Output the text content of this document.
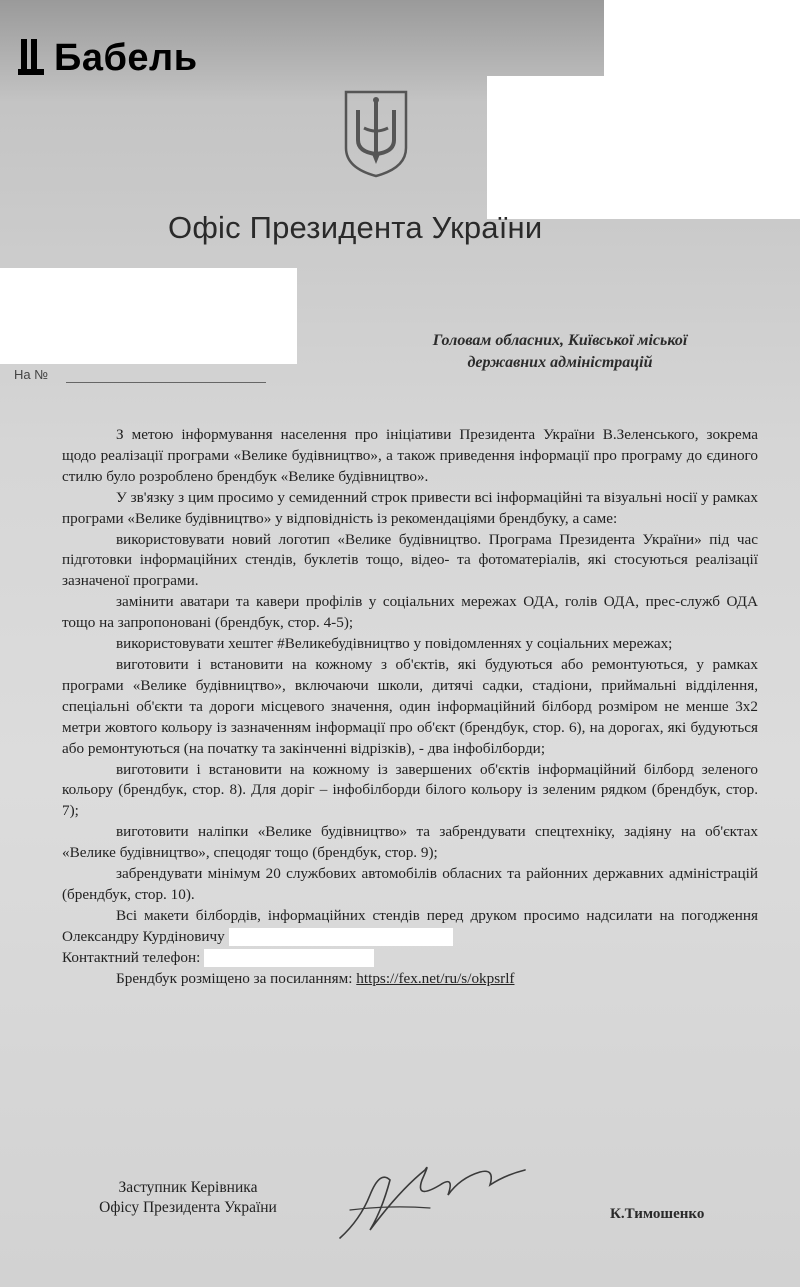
Бабель
Офіс Президента України
На №
Головам обласних, Київської міської
державних адміністрацій

З метою інформування населення про ініціативи Президента України В.Зеленського, зокрема щодо реалізації програми «Велике будівництво», а також приведення інформації про програму до єдиного стилю було розроблено брендбук «Велике будівництво».

У зв'язку з цим просимо у семиденний строк привести всі інформаційні та візуальні носії у рамках програми «Велике будівництво» у відповідність із рекомендаціями брендбуку, а саме:

використовувати новий логотип «Велике будівництво. Програма Президента України» під час підготовки інформаційних стендів, буклетів тощо, відео- та фотоматеріалів, які стосуються реалізації зазначеної програми.

замінити аватари та кавери профілів у соціальних мережах ОДА, голів ОДА, прес-служб ОДА тощо на запропоновані (брендбук, стор. 4-5);

використовувати хештег #Великебудівництво у повідомленнях у соціальних мережах;

виготовити і встановити на кожному з об'єктів, які будуються або ремонтуються, у рамках програми «Велике будівництво», включаючи школи, дитячі садки, стадіони, приймальні відділення, спеціальні об'єкти та дороги місцевого значення, один інформаційний білборд розміром не менше 3х2 метри жовтого кольору із зазначенням інформації про об'єкт (брендбук, стор. 6), на дорогах, які будуються або ремонтуються (на початку та закінченні відрізків), - два інфобілборди;

виготовити і встановити на кожному із завершених об'єктів інформаційний білборд зеленого кольору (брендбук, стор. 8). Для доріг – інфобілборди білого кольору із зеленим рядком (брендбук, стор. 7);

виготовити наліпки «Велике будівництво» та забрендувати спецтехніку, задіяну на об'єктах «Велике будівництво», спецодяг тощо (брендбук, стор. 9);

забрендувати мінімум 20 службових автомобілів обласних та районних державних адміністрацій (брендбук, стор. 10).

Всі макети білбордів, інформаційних стендів перед друком просимо надсилати на погодження Олександру Курдіновичу

Контактний телефон:

Брендбук розміщено за посиланням: https://fex.net/ru/s/okpsrlf

Заступник Керівника
Офісу Президента України	К.Тимошенко
